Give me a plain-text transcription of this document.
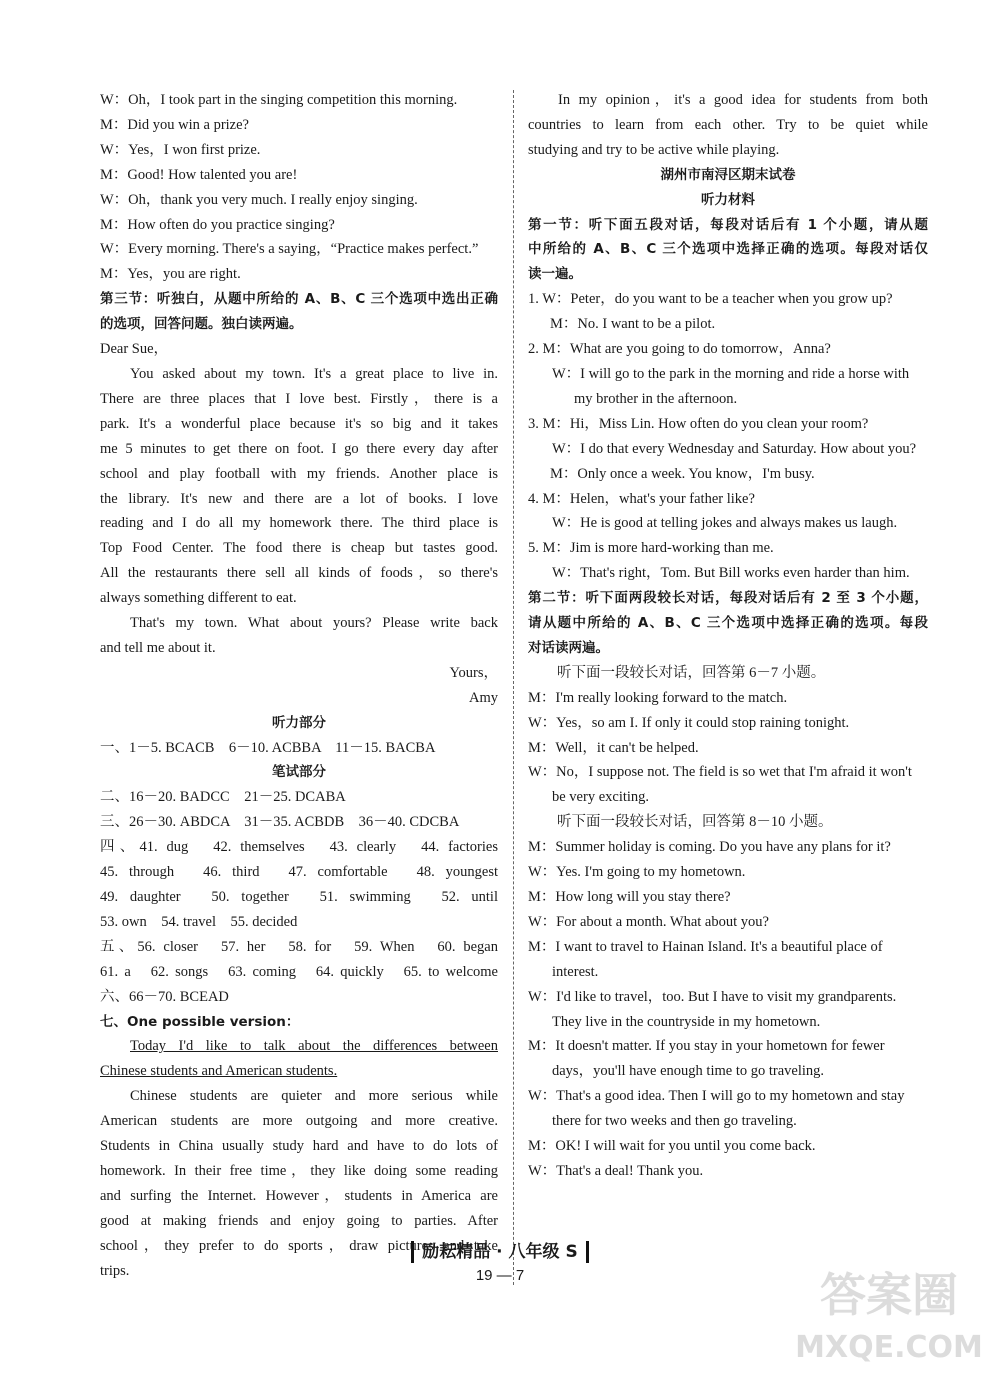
W：Oh，I took part in the singing competition this morning.
M：Did you win a prize?
W：Yes，I won first prize.
M：Good! How talented you are!
W：Oh，thank you very much. I really enjoy singing.
M：How often do you practice singing?
W：Every morning. There's a saying，“Practice makes perfect.”
M：Yes，you are right.
第三节：听独白，从题中所给的 A、B、C 三个选项中选出正确
的选项，回答问题。独白读两遍。
Dear Sue，
You asked about my town. It's a great place to live in.
There are three places that I love best. Firstly，there is a
park. It's a wonderful place because it's so big and it takes
me 5 minutes to get there on foot. I go there every day after
school and play football with my friends. Another place is
the library. It's new and there are a lot of books. I love
reading and I do all my homework there. The third place is
Top Food Center. The food there is cheap but tastes good.
All the restaurants there sell all kinds of foods，so there's
always something different to eat.
That's my town. What about yours? Please write back
and tell me about it.
Yours，
Amy
听力部分
一、1－5. BCACB　6－10. ACBBA　11－15. BACBA
笔试部分
二、16－20. BADCC　21－25. DCABA
三、26－30. ABDCA　31－35. ACBDB　36－40. CDCBA
四、41. dug　42. themselves　43. clearly　44. factories
45. through　46. third　47. comfortable　48. youngest
49. daughter　50. together　51. swimming　52. until
53. own　54. travel　55. decided
五、56. closer　57. her　58. for　59. When　60. began
61. a　62. songs　63. coming　64. quickly　65. to welcome
六、66－70. BCEAD
七、One possible version：
Today I'd like to talk about the differences between
Chinese students and American students.
Chinese students are quieter and more serious while
American students are more outgoing and more creative.
Students in China usually study hard and have to do lots of
homework. In their free time，they like doing some reading
and surfing the Internet. However，students in America are
good at making friends and enjoy going to parties. After
school，they prefer to do sports，draw pictures and take
trips.
In my opinion，it's a good idea for students from both
countries to learn from each other. Try to be quiet while
studying and try to be active while playing.
湖州市南浔区期末试卷
听力材料
第一节：听下面五段对话，每段对话后有 1 个小题，请从题
中所给的 A、B、C 三个选项中选择正确的选项。每段对话仅
读一遍。
1. W：Peter，do you want to be a teacher when you grow up?
M：No. I want to be a pilot.
2. M：What are you going to do tomorrow，Anna?
W：I will go to the park in the morning and ride a horse with my brother in the afternoon.
3. M：Hi，Miss Lin. How often do you clean your room?
W：I do that every Wednesday and Saturday. How about you?
M：Only once a week. You know，I'm busy.
4. M：Helen，what's your father like?
W：He is good at telling jokes and always makes us laugh.
5. M：Jim is more hard-working than me.
W：That's right，Tom. But Bill works even harder than him.
第二节：听下面两段较长对话，每段对话后有 2 至 3 个小题，
请从题中所给的 A、B、C 三个选项中选择正确的选项。每段
对话读两遍。
　　听下面一段较长对话，回答第 6－7 小题。
M：I'm really looking forward to the match.
W：Yes，so am I. If only it could stop raining tonight.
M：Well，it can't be helped.
W：No，I suppose not. The field is so wet that I'm afraid it won't be very exciting.
　　听下面一段较长对话，回答第 8－10 小题。
M：Summer holiday is coming. Do you have any plans for it?
W：Yes. I'm going to my hometown.
M：How long will you stay there?
W：For about a month. What about you?
M：I want to travel to Hainan Island. It's a beautiful place of interest.
W：I'd like to travel，too. But I have to visit my grandparents. They live in the countryside in my hometown.
M：It doesn't matter. If you stay in your hometown for fewer days，you'll have enough time to go traveling.
W：That's a good idea. Then I will go to my hometown and stay there for two weeks and then go traveling.
M：OK! I will wait for you until you come back.
W：That's a deal! Thank you.
励耘精品 · 八年级 S
19 — 7	答案圈
MXQE.COM
